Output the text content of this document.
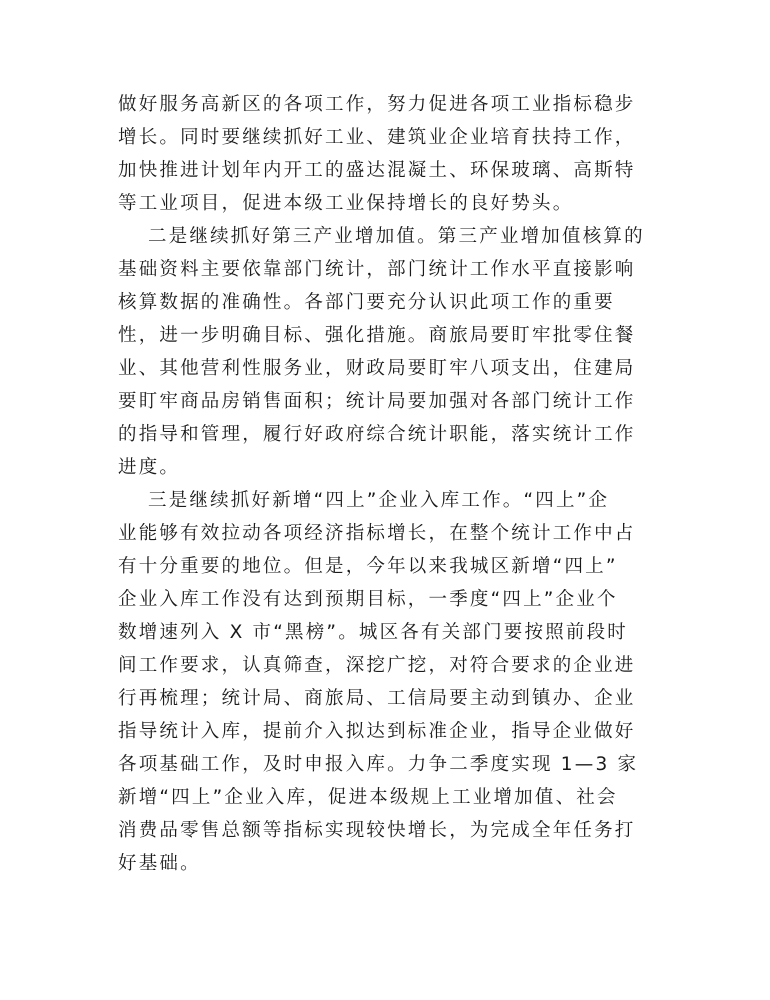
做好服务高新区的各项工作，努力促进各项工业指标稳步
增长。同时要继续抓好工业、建筑业企业培育扶持工作，
加快推进计划年内开工的盛达混凝土、环保玻璃、高斯特
等工业项目，促进本级工业保持增长的良好势头。
二是继续抓好第三产业增加值。第三产业增加值核算的
基础资料主要依靠部门统计，部门统计工作水平直接影响
核算数据的准确性。各部门要充分认识此项工作的重要
性，进一步明确目标、强化措施。商旅局要盯牢批零住餐
业、其他营利性服务业，财政局要盯牢八项支出，住建局
要盯牢商品房销售面积；统计局要加强对各部门统计工作
的指导和管理，履行好政府综合统计职能，落实统计工作
进度。
三是继续抓好新增“四上”企业入库工作。“四上”企
业能够有效拉动各项经济指标增长，在整个统计工作中占
有十分重要的地位。但是，今年以来我城区新增“四上”
企业入库工作没有达到预期目标，一季度“四上”企业个
数增速列入 X 市“黑榜”。城区各有关部门要按照前段时
间工作要求，认真筛查，深挖广挖，对符合要求的企业进
行再梳理；统计局、商旅局、工信局要主动到镇办、企业
指导统计入库，提前介入拟达到标准企业，指导企业做好
各项基础工作，及时申报入库。力争二季度实现 1—3 家
新增“四上”企业入库，促进本级规上工业增加值、社会
消费品零售总额等指标实现较快增长，为完成全年任务打
好基础。
